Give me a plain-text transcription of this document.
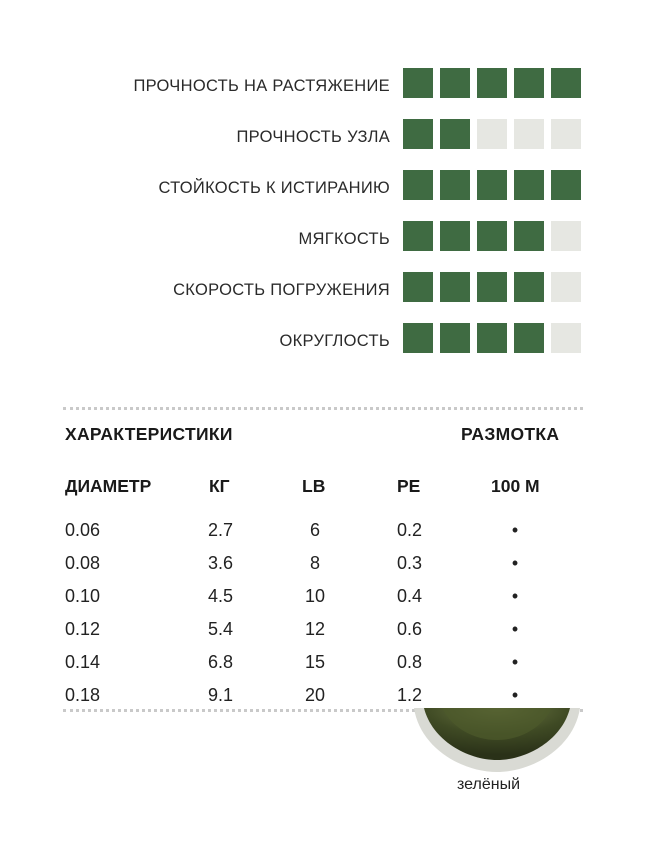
ПРОЧНОСТЬ НА РАСТЯЖЕНИЕ
ПРОЧНОСТЬ УЗЛА
СТОЙКОСТЬ К ИСТИРАНИЮ
МЯГКОСТЬ
СКОРОСТЬ ПОГРУЖЕНИЯ
ОКРУГЛОСТЬ
ХАРАКТЕРИСТИКИ	РАЗМОТКА
ДИАМЕТР	КГ	LB	PE	100 М
0.06	2.7	6	0.2	•
0.08	3.6	8	0.3	•
0.10	4.5	10	0.4	•
0.12	5.4	12	0.6	•
0.14	6.8	15	0.8	•
0.18	9.1	20	1.2	•
зелёный
